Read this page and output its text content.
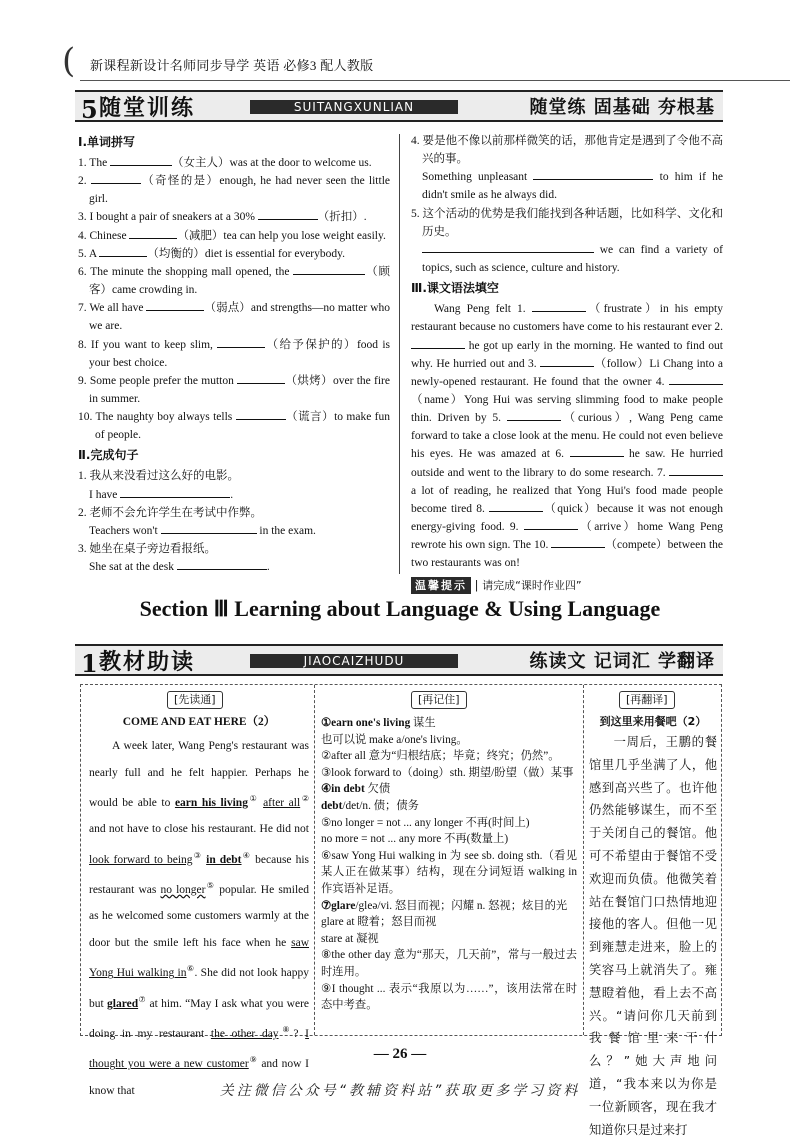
( 新课程新设计名师同步导学 英语 必修3 配人教版
5 随堂训练	SUITANGXUNLIAN	随堂练 固基础 夯根基
Ⅰ.单词拼写
1. The	（女主人）was at the door to welcome us.
2.	（奇怪的是）enough, he had never seen the little girl.
3. I bought a pair of sneakers at a 30%	（折扣）.
4. Chinese	（减肥）tea can help you lose weight easily.
5. A	（均衡的）diet is essential for everybody.
6. The minute the shopping mall opened, the	（顾客）came crowding in.
7. We all have	（弱点）and strengths—no matter who we are.
8. If you want to keep slim,	（给予保护的）food is your best choice.
9. Some people prefer the mutton	（烘烤）over the fire in summer.
10. The naughty boy always tells	（谎言）to make fun of people.
Ⅱ.完成句子
1. 我从来没看过这么好的电影。
I have	.
2. 老师不会允许学生在考试中作弊。
Teachers won't	in the exam.
3. 她坐在桌子旁边看报纸。
She sat at the desk	.
4. 要是他不像以前那样微笑的话，那他肯定是遇到了令他不高兴的事。
Something unpleasant	to him if he didn't smile as he always did.
5. 这个活动的优势是我们能找到各种话题，比如科学、文化和历史。
we can find a variety of topics, such as science, culture and history.
Ⅲ.课文语法填空
Wang Peng felt 1.	（frustrate）in his empty restaurant because no customers have come to his restaurant ever 2.  he got up early in the morning. He wanted to find out why. He hurried out and 3.	（follow）Li Chang into a newly-opened restaurant. He found that the owner 4. （name）Yong Hui was serving slimming food to make people thin. Driven by 5.	（curious）, Wang Peng came forward to take a close look at the menu. He could not even believe his eyes. He was amazed at 6.	he saw. He hurried outside and went to the library to do some research. 7.  a lot of reading, he realized that Yong Hui's food made people become tired 8.	（quick）because it was not enough energy-giving food. 9.	（arrive）home Wang Peng rewrote his own sign. The 10.	（compete）between the two restaurants was on!
温馨提示 | 请完成“课时作业四”
Section Ⅲ Learning about Language & Using Language
1 教材助读	JIAOCAIZHUDU	练读文 记词汇 学翻译
[先读通]	[再记住]	[再翻译]
COME AND EAT HERE（2）
A week later, Wang Peng's restaurant was nearly full and he felt happier. Perhaps he would be able to earn his living① after all② and not have to close his restaurant. He did not look forward to being③ in debt④ because his restaurant was no longer⑤ popular. He smiled as he welcomed some customers warmly at the door but the smile left his face when he saw Yong Hui walking in⑥. She did not look happy but glared⑦ at him. “May I ask what you were doing in my restaurant the other day⑧? I thought you were a new customer⑨ and now I know that
①earn one's living 谋生
也可以说 make a/one's living。
②after all 意为“归根结底；毕竟；终究；仍然”。
③look forward to（doing）sth. 期望/盼望（做）某事
④in debt 欠债
debt/det/n. 债；债务
⑤no longer = not ... any longer 不再(时间上)
no more = not ... any more 不再(数量上)
⑥saw Yong Hui walking in 为 see sb. doing sth.（看见某人正在做某事）结构，现在分词短语 walking in 作宾语补足语。
⑦glare/gleə/vi. 怒目而视；闪耀 n. 怒视；炫目的光
glare at 瞪着；怒目而视
stare at 凝视
⑧the other day 意为“那天，几天前”，常与一般过去时连用。
⑨I thought ... 表示“我原以为……”，该用法常在时态中考查。
到这里来用餐吧（2）
一周后，王鹏的餐馆里几乎坐满了人，他感到高兴些了。也许他仍然能够谋生，而不至于关闭自己的餐馆。他可不希望由于餐馆不受欢迎而负债。他微笑着站在餐馆门口热情地迎接他的客人。但他一见到雍慧走进来，脸上的笑容马上就消失了。雍慧瞪着他，看上去不高兴。“请问你几天前到我餐馆里来干什么？”她大声地问道，“我本来以为你是一位新顾客，现在我才知道你只是过来打
— 26 —
关注微信公众号“教辅资料站”获取更多学习资料
